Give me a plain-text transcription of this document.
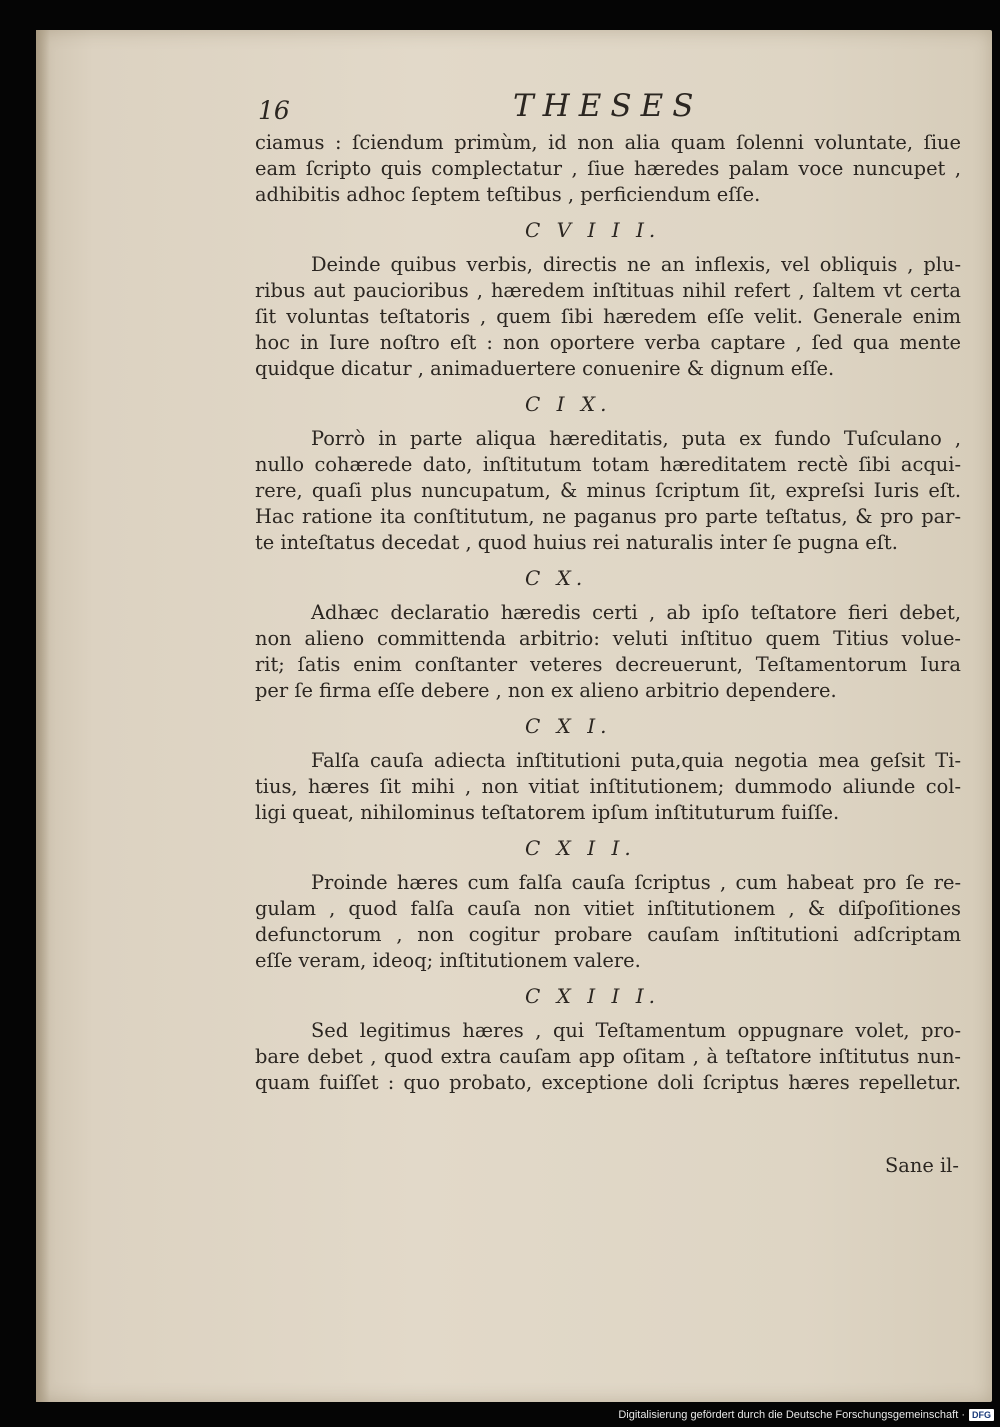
16	THESES
ciamus : ſciendum primùm, id non alia quam ſolenni voluntate, ſiue
eam ſcripto quis complectatur , ſiue hæredes palam voce nuncupet ,
adhibitis adhoc ſeptem teſtibus , perficiendum eſſe.
C V I I I.
Deinde quibus verbis, directis ne an inflexis, vel obliquis , plu-
ribus aut paucioribus , hæredem inſtituas nihil refert , ſaltem vt certa
ſit voluntas teſtatoris , quem ſibi hæredem eſſe velit. Generale enim
hoc in Iure noſtro eſt : non oportere verba captare , ſed qua mente
quidque dicatur , animaduertere conuenire & dignum eſſe.
C I X.
Porrò in parte aliqua hæreditatis, puta ex fundo Tuſculano ,
nullo cohærede dato, inſtitutum totam hæreditatem rectè ſibi acqui-
rere, quaſi plus nuncupatum, & minus ſcriptum ſit, expreſsi Iuris eſt.
Hac ratione ita conſtitutum, ne paganus pro parte teſtatus, & pro par-
te inteſtatus decedat , quod huius rei naturalis inter ſe pugna eſt.
C X.
Adhæc declaratio hæredis certi , ab ipſo teſtatore fieri debet,
non alieno committenda arbitrio: veluti inſtituo quem Titius volue-
rit; ſatis enim conſtanter veteres decreuerunt, Teſtamentorum Iura
per ſe firma eſſe debere , non ex alieno arbitrio dependere.
C X I.
Falſa cauſa adiecta inſtitutioni puta,quia negotia mea geſsit Ti-
tius, hæres ſit mihi , non vitiat inſtitutionem; dummodo aliunde col-
ligi queat, nihilominus teſtatorem ipſum inſtituturum fuiſſe.
C X I I.
Proinde hæres cum falſa cauſa ſcriptus , cum habeat pro ſe re-
gulam , quod falſa cauſa non vitiet inſtitutionem , & diſpoſitiones
defunctorum , non cogitur probare cauſam inſtitutioni adſcriptam
eſſe veram, ideoq; inſtitutionem valere.
C X I I I.
Sed legitimus hæres , qui Teſtamentum oppugnare volet, pro-
bare debet , quod extra cauſam app oſitam , à teſtatore inſtitutus nun-
quam fuiſſet : quo probato, exceptione doli ſcriptus hæres repelletur.
Sane il-
Digitalisierung gefördert durch die Deutsche Forschungsgemeinschaft · DFG
